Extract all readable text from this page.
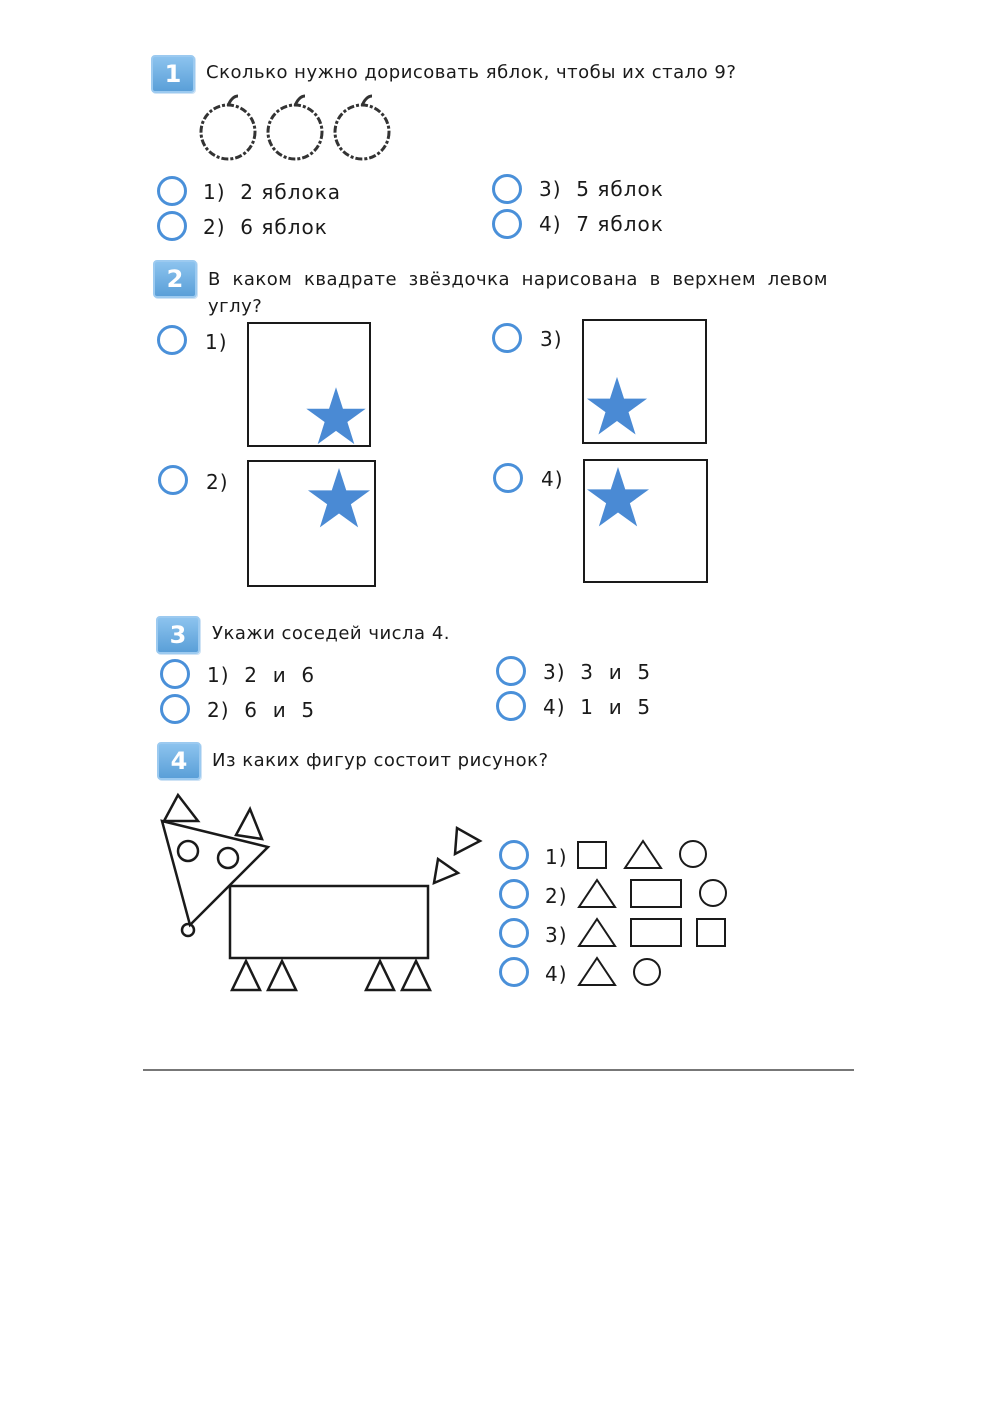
1	Сколько нужно дорисовать яблок, чтобы их стало 9?
1) 2 яблока
2) 6 яблок
3) 5 яблок
4) 7 яблок
2	В каком квадрате звёздочка нарисована в верхнем левом углу?
1)	3)
2)	4)
3	Укажи соседей числа 4.
1) 2  и  6
2) 6  и  5
3) 3  и  5
4) 1  и  5
4	Из каких фигур состоит рисунок?
1)
2)
3)
4)
